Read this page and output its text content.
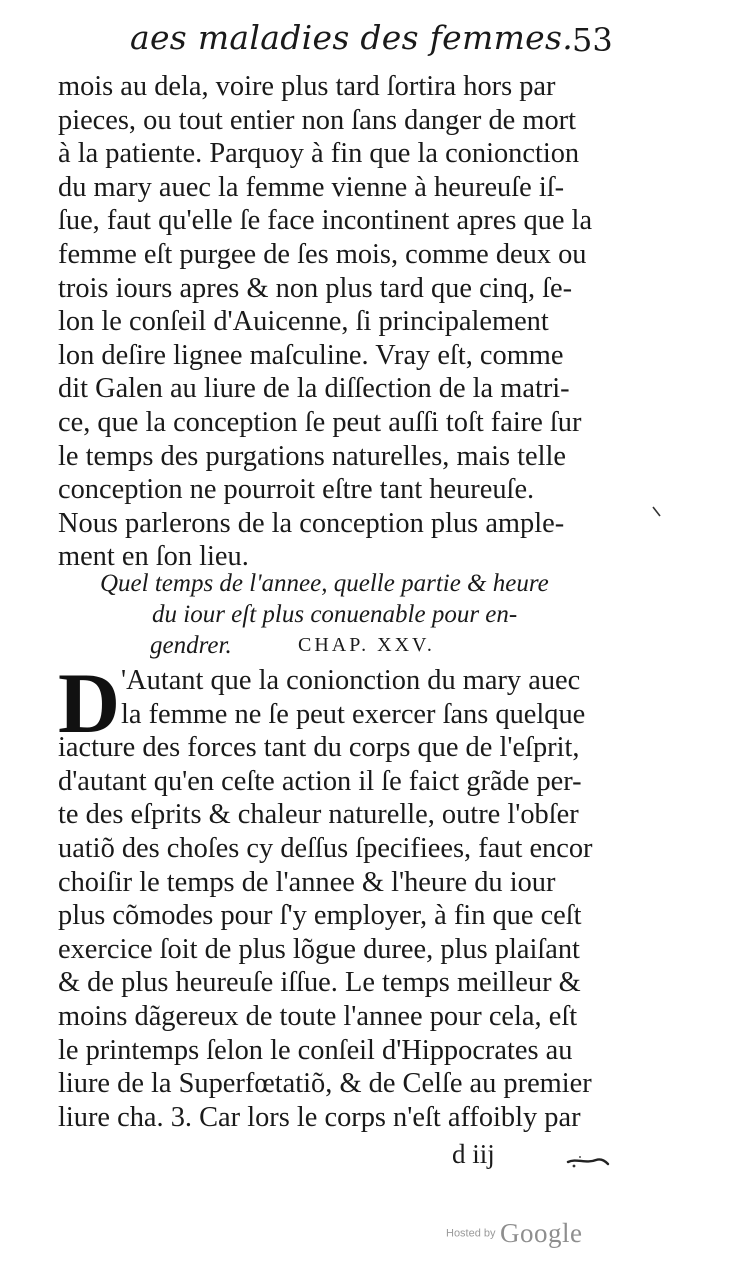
aes maladies des femmes.
53
mois au dela, voire plus tard ſortira hors par
pieces, ou tout entier non ſans danger de mort
à la patiente. Parquoy à fin que la conionction
du mary auec la femme vienne à heureuſe iſ-
ſue, faut qu'elle ſe face incontinent apres que la
femme eſt purgee de ſes mois, comme deux ou
trois iours apres & non plus tard que cinq, ſe-
lon le conſeil d'Auicenne, ſi principalement
lon deſire lignee maſculine. Vray eſt, comme
dit Galen au liure de la diſſection de la matri-
ce, que la conception ſe peut auſſi toſt faire ſur
le temps des purgations naturelles, mais telle
conception ne pourroit eſtre tant heureuſe.
Nous parlerons de la conception plus ample-
ment en ſon lieu.
Quel temps de l'annee, quelle partie & heure
du iour eſt plus conuenable pour en-
gendrer.	CHAP. XXV.
D 'Autant que la conionction du mary auec
la femme ne ſe peut exercer ſans quelque
iacture des forces tant du corps que de l'eſprit,
d'autant qu'en ceſte action il ſe faict grãde per-
te des eſprits & chaleur naturelle, outre l'obſer
uatiõ des choſes cy deſſus ſpecifiees, faut encor
choiſir le temps de l'annee & l'heure du iour
plus cõmodes pour ſ'y employer, à fin que ceſt
exercice ſoit de plus lõgue duree, plus plaiſant
& de plus heureuſe iſſue. Le temps meilleur &
moins dãgereux de toute l'annee pour cela, eſt
le printemps ſelon le conſeil d'Hippocrates au
liure de la Superfœtatiõ, & de Celſe au premier
liure cha. 3. Car lors le corps n'eſt affoibly par
d iij
Hosted by Google
